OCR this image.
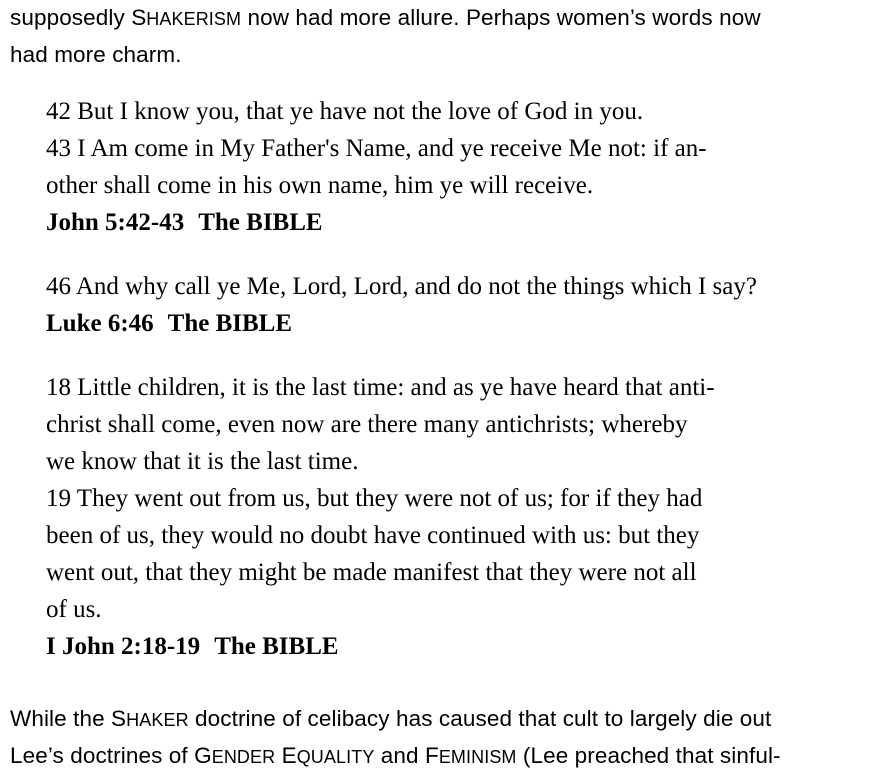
supposedly SHAKERISM now had more allure. Perhaps women’s words now
had more charm.
42 But I know you, that ye have not the love of God in you.
43 I Am come in My Father's Name, and ye receive Me not: if an-
other shall come in his own name, him ye will receive.
John 5:42-43 The BIBLE
46 And why call ye Me, Lord, Lord, and do not the things which I say?
Luke 6:46 The BIBLE
18 Little children, it is the last time: and as ye have heard that anti-
christ shall come, even now are there many antichrists; whereby
we know that it is the last time.
19 They went out from us, but they were not of us; for if they had
been of us, they would no doubt have continued with us: but they
went out, that they might be made manifest that they were not all
of us.
I John 2:18-19 The BIBLE
While the SHAKER doctrine of celibacy has caused that cult to largely die out
Lee’s doctrines of GENDER EQUALITY and FEMINISM (Lee preached that sinful-
